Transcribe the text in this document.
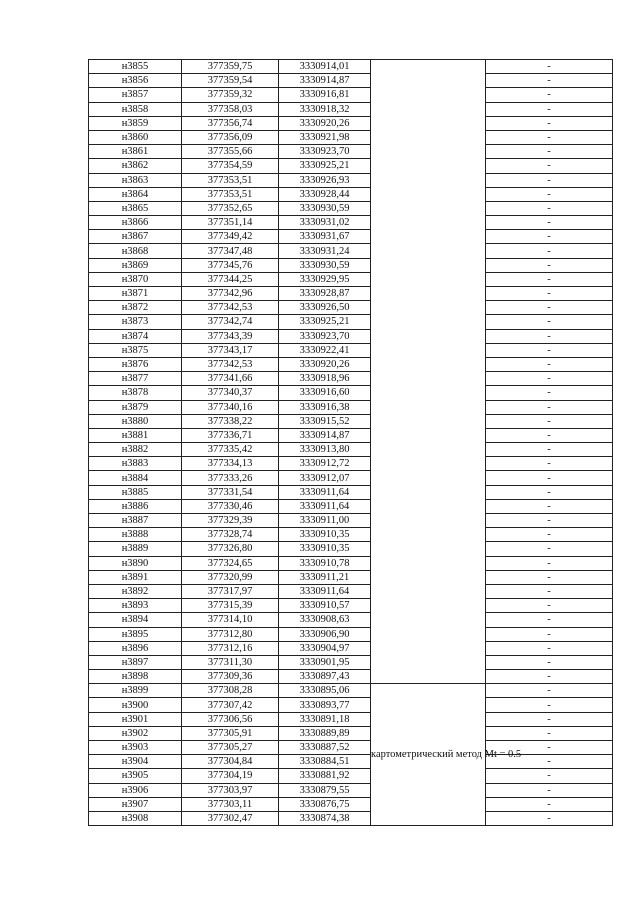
н3855	377359,75	3330914,01		-
н3856	377359,54	3330914,87		-
н3857	377359,32	3330916,81		-
н3858	377358,03	3330918,32		-
н3859	377356,74	3330920,26		-
н3860	377356,09	3330921,98		-
н3861	377355,66	3330923,70		-
н3862	377354,59	3330925,21		-
н3863	377353,51	3330926,93		-
н3864	377353,51	3330928,44		-
н3865	377352,65	3330930,59		-
н3866	377351,14	3330931,02		-
н3867	377349,42	3330931,67		-
н3868	377347,48	3330931,24		-
н3869	377345,76	3330930,59		-
н3870	377344,25	3330929,95		-
н3871	377342,96	3330928,87		-
н3872	377342,53	3330926,50		-
н3873	377342,74	3330925,21		-
н3874	377343,39	3330923,70		-
н3875	377343,17	3330922,41		-
н3876	377342,53	3330920,26		-
н3877	377341,66	3330918,96		-
н3878	377340,37	3330916,60		-
н3879	377340,16	3330916,38		-
н3880	377338,22	3330915,52		-
н3881	377336,71	3330914,87		-
н3882	377335,42	3330913,80		-
н3883	377334,13	3330912,72		-
н3884	377333,26	3330912,07		-
н3885	377331,54	3330911,64		-
н3886	377330,46	3330911,64		-
н3887	377329,39	3330911,00		-
н3888	377328,74	3330910,35		-
н3889	377326,80	3330910,35		-
н3890	377324,65	3330910,78		-
н3891	377320,99	3330911,21		-
н3892	377317,97	3330911,64		-
н3893	377315,39	3330910,57		-
н3894	377314,10	3330908,63		-
н3895	377312,80	3330906,90		-
н3896	377312,16	3330904,97		-
н3897	377311,30	3330901,95		-
н3898	377309,36	3330897,43		-
н3899	377308,28	3330895,06	картометрический метод Mt = 0.5	-
н3900	377307,42	3330893,77		-
н3901	377306,56	3330891,18		-
н3902	377305,91	3330889,89		-
н3903	377305,27	3330887,52		-
н3904	377304,84	3330884,51		-
н3905	377304,19	3330881,92		-
н3906	377303,97	3330879,55		-
н3907	377303,11	3330876,75		-
н3908	377302,47	3330874,38		-
